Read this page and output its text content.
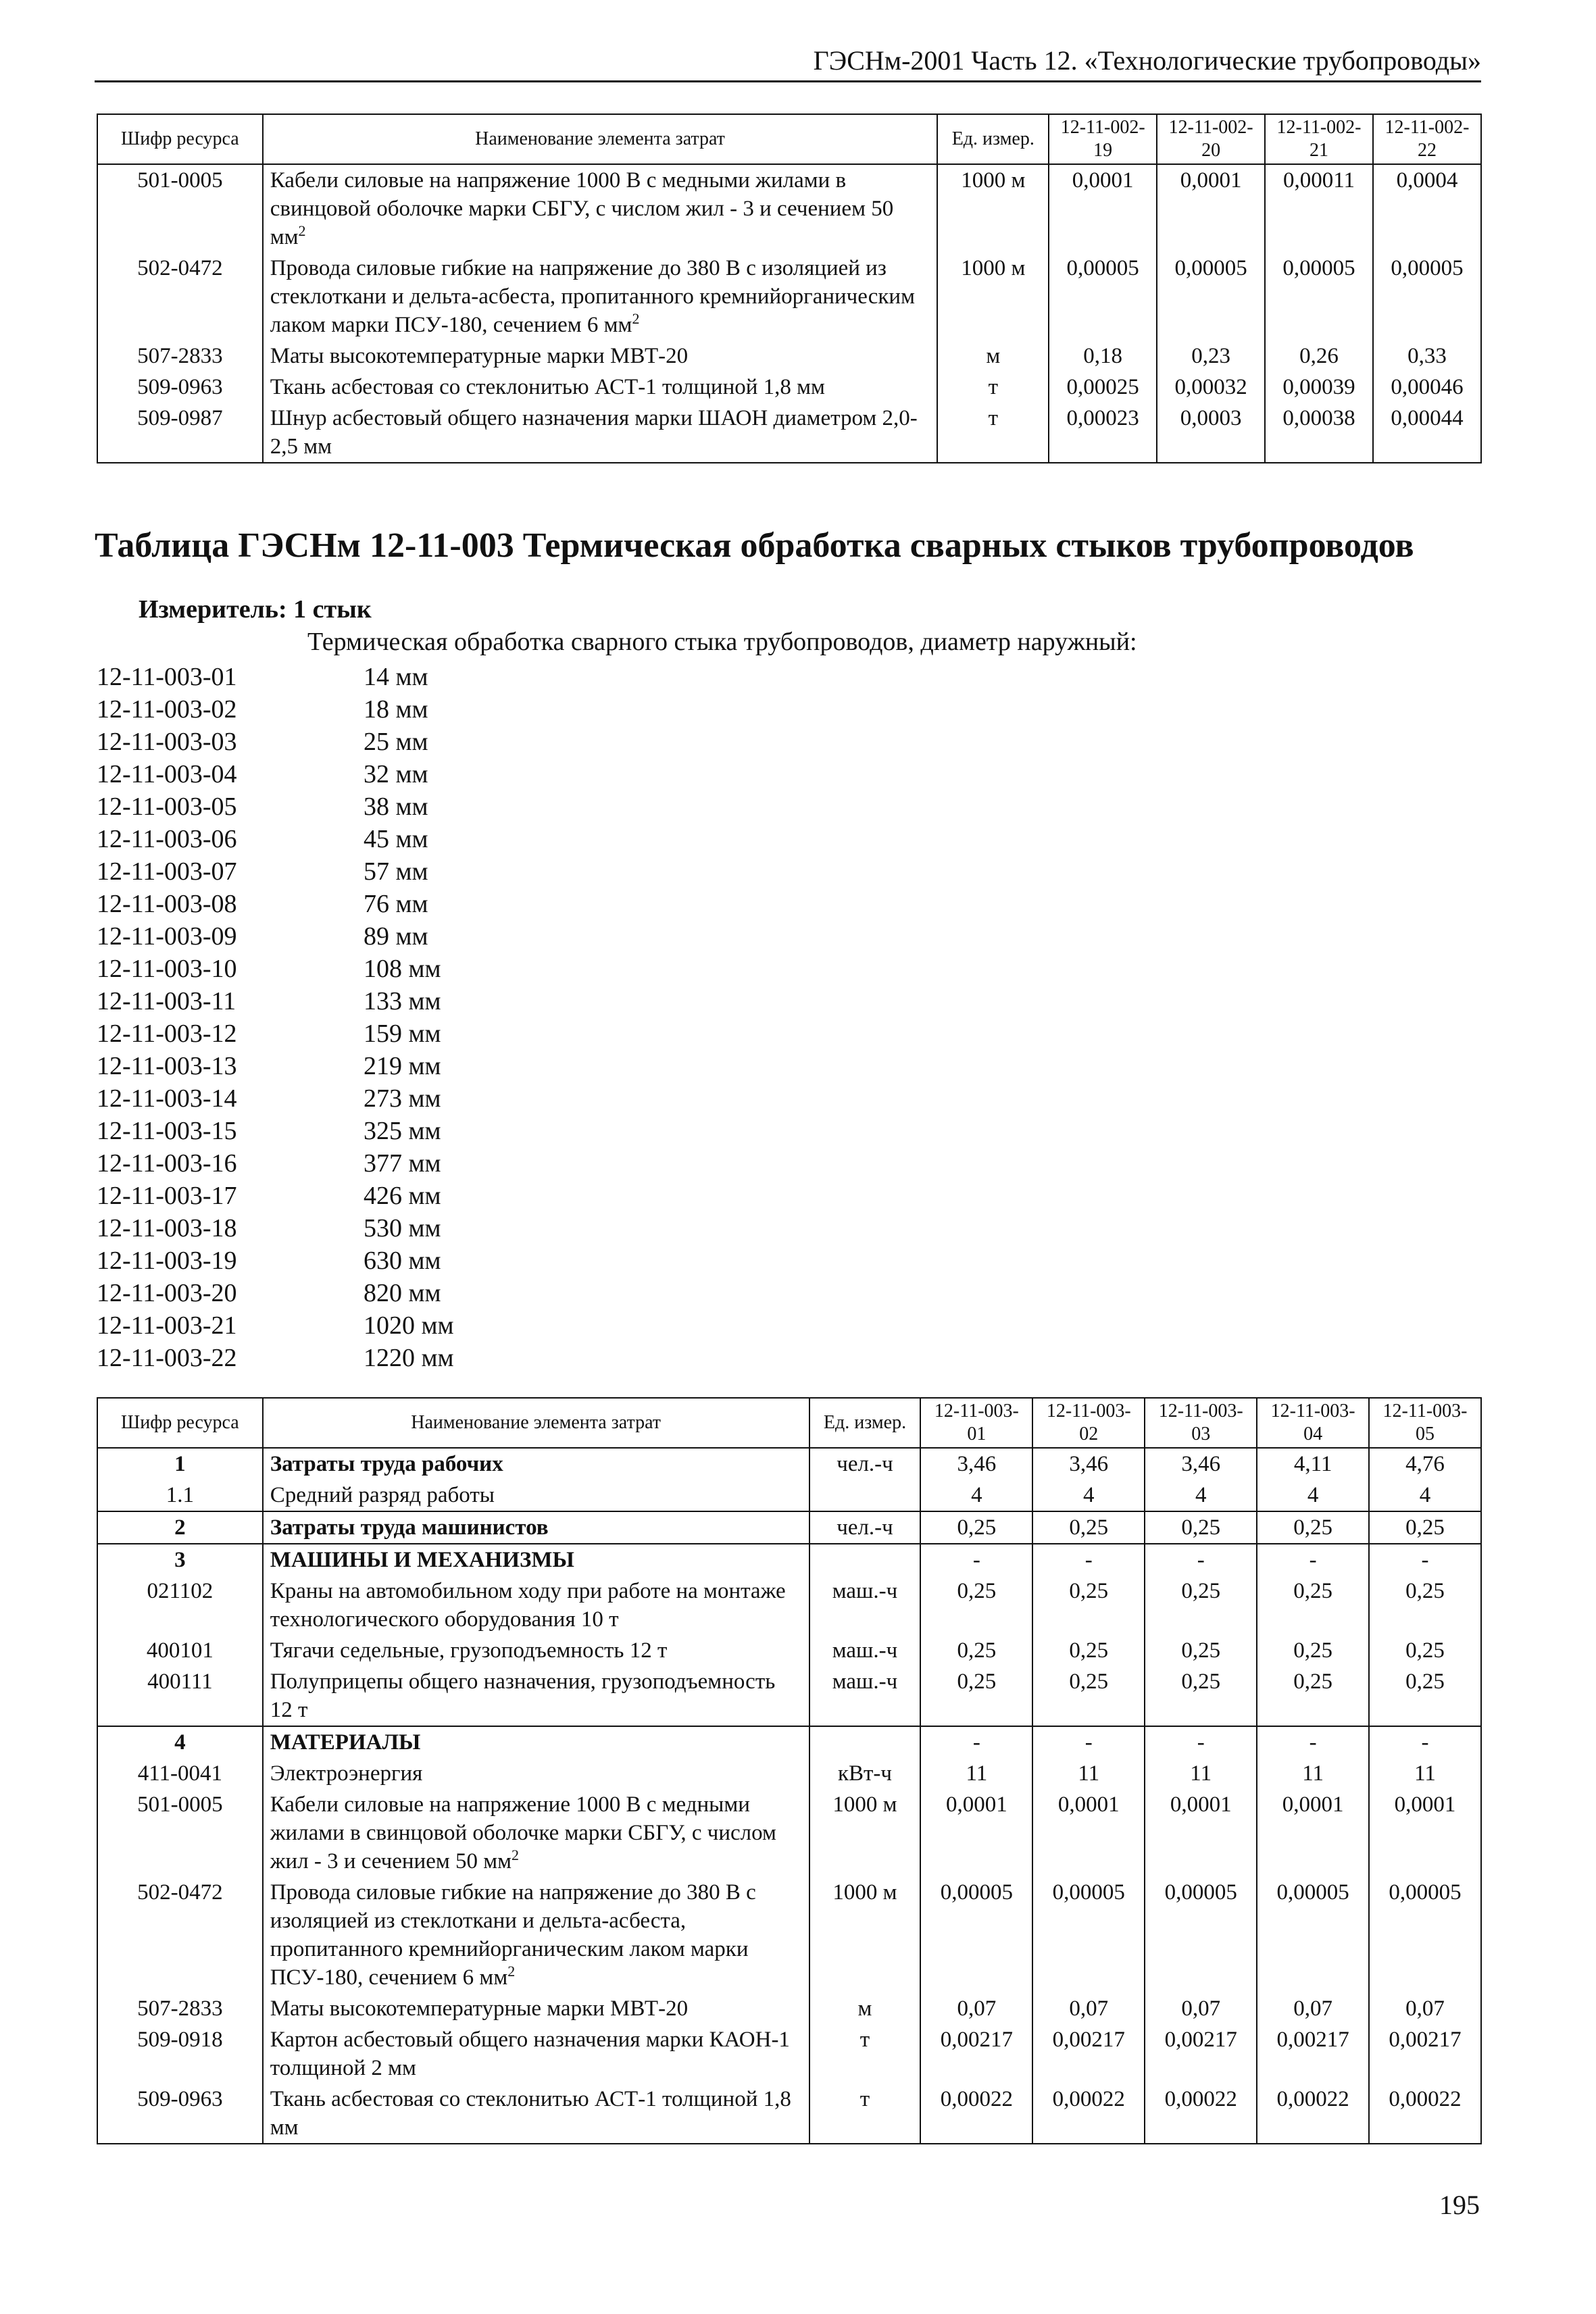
ГЭСНм-2001 Часть 12. «Технологические трубопроводы»
Шифр ресурса	Наименование элемента затрат	Ед. измер.	12-11-002-19	12-11-002-20	12-11-002-21	12-11-002-22
501-0005	Кабели силовые на напряжение 1000 В с медными жилами в свинцовой оболочке марки СБГУ, с числом жил - 3 и сечением 50 $мм^2$	1000 м	0,0001	0,0001	0,00011	0,0004
502-0472	Провода силовые гибкие на напряжение до 380 В с изоляцией из стеклоткани и дельта-асбеста, пропитанного кремнийорганическим лаком марки ПСУ-180, сечением 6 $мм^2$	1000 м	0,00005	0,00005	0,00005	0,00005
507-2833	Маты высокотемпературные марки МВТ-20	м	0,18	0,23	0,26	0,33
509-0963	Ткань асбестовая со стеклонитью АСТ-1 толщиной 1,8 мм	т	0,00025	0,00032	0,00039	0,00046
509-0987	Шнур асбестовый общего назначения марки ШАОН диаметром 2,0-2,5 мм	т	0,00023	0,0003	0,00038	0,00044
Таблица ГЭСНм 12-11-003 Термическая обработка сварных стыков трубопроводов
Измеритель: 1 стык
Термическая обработка сварного стыка трубопроводов, диаметр наружный:
12-11-003-01	14 мм
12-11-003-02	18 мм
12-11-003-03	25 мм
12-11-003-04	32 мм
12-11-003-05	38 мм
12-11-003-06	45 мм
12-11-003-07	57 мм
12-11-003-08	76 мм
12-11-003-09	89 мм
12-11-003-10	108 мм
12-11-003-11	133 мм
12-11-003-12	159 мм
12-11-003-13	219 мм
12-11-003-14	273 мм
12-11-003-15	325 мм
12-11-003-16	377 мм
12-11-003-17	426 мм
12-11-003-18	530 мм
12-11-003-19	630 мм
12-11-003-20	820 мм
12-11-003-21	1020 мм
12-11-003-22	1220 мм
Шифр ресурса	Наименование элемента затрат	Ед. измер.	12-11-003-01	12-11-003-02	12-11-003-03	12-11-003-04	12-11-003-05
1	Затраты труда рабочих	чел.-ч	3,46	3,46	3,46	4,11	4,76
1.1	Средний разряд работы		4	4	4	4	4
2	Затраты труда машинистов	чел.-ч	0,25	0,25	0,25	0,25	0,25
3	МАШИНЫ И МЕХАНИЗМЫ		-	-	-	-	-
021102	Краны на автомобильном ходу при работе на монтаже технологического оборудования 10 т	маш.-ч	0,25	0,25	0,25	0,25	0,25
400101	Тягачи седельные, грузоподъемность 12 т	маш.-ч	0,25	0,25	0,25	0,25	0,25
400111	Полуприцепы общего назначения, грузоподъемность 12 т	маш.-ч	0,25	0,25	0,25	0,25	0,25
4	МАТЕРИАЛЫ		-	-	-	-	-
411-0041	Электроэнергия	кВт-ч	11	11	11	11	11
501-0005	Кабели силовые на напряжение 1000 В с медными жилами в свинцовой оболочке марки СБГУ, с числом жил - 3 и сечением 50 $мм^2$	1000 м	0,0001	0,0001	0,0001	0,0001	0,0001
502-0472	Провода силовые гибкие на напряжение до 380 В с изоляцией из стеклоткани и дельта-асбеста, пропитанного кремнийорганическим лаком марки ПСУ-180, сечением 6 $мм^2$	1000 м	0,00005	0,00005	0,00005	0,00005	0,00005
507-2833	Маты высокотемпературные марки МВТ-20	м	0,07	0,07	0,07	0,07	0,07
509-0918	Картон асбестовый общего назначения марки КАОН-1 толщиной 2 мм	т	0,00217	0,00217	0,00217	0,00217	0,00217
509-0963	Ткань асбестовая со стеклонитью АСТ-1 толщиной 1,8 мм	т	0,00022	0,00022	0,00022	0,00022	0,00022
195
